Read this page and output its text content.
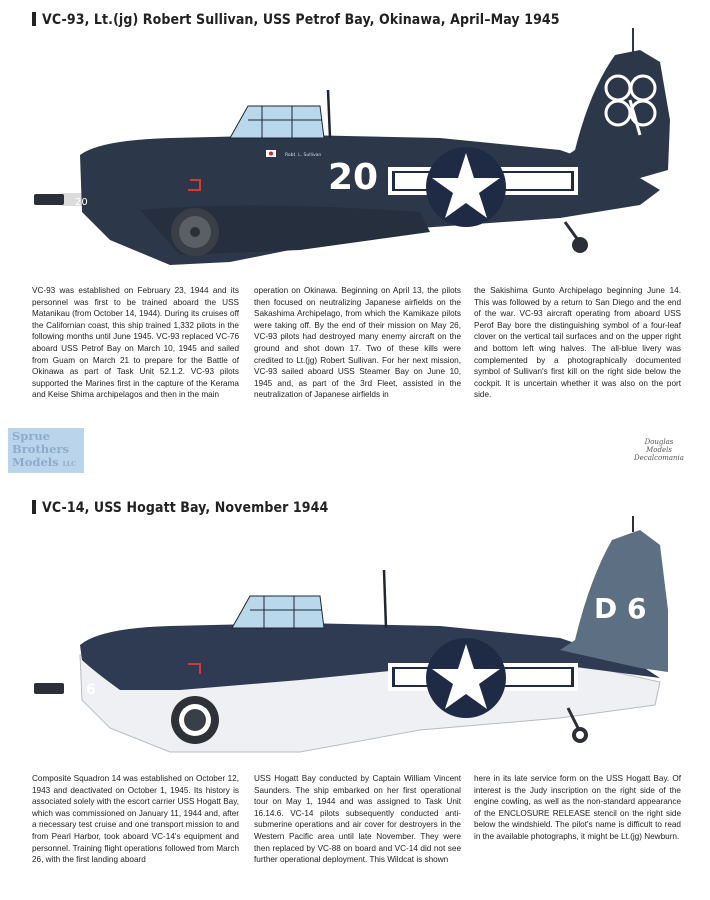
VC-93, Lt.(jg) Robert Sullivan, USS Petrof Bay, Okinawa, April–May 1945
20
20
Robt. L. Sullivan
VC-93 was established on February 23, 1944 and its personnel was first to be trained aboard the USS Matanikau (from October 14, 1944). During its cruises off the Californian coast, this ship trained 1,332 pilots in the following months until June 1945. VC-93 replaced VC-76 aboard USS Petrof Bay on March 10, 1945 and sailed from Guam on March 21 to prepare for the Battle of Okinawa as part of Task Unit 52.1.2. VC-93 pilots supported the Marines first in the capture of the Kerama and Keise Shima archipelagos and then in the main
operation on Okinawa. Beginning on April 13, the pilots then focused on neutralizing Japanese airfields on the Sakashima Archipelago, from which the Kamikaze pilots were taking off. By the end of their mission on May 26, VC-93 pilots had destroyed many enemy aircraft on the ground and shot down 17. Two of these kills were credited to Lt.(jg) Robert Sullivan. For her next mission, VC-93 sailed aboard USS Steamer Bay on June 10, 1945 and, as part of the 3rd Fleet, assisted in the neutralization of Japanese airfields in
the Sakishima Gunto Archipelago beginning June 14. This was followed by a return to San Diego and the end of the war. VC-93 aircraft operating from aboard USS Perof Bay bore the distinguishing symbol of a four-leaf clover on the vertical tail surfaces and on the upper right and bottom left wing halves. The all-blue livery was complemented by a photographically documented symbol of Sullivan's first kill on the right side below the cockpit. It is uncertain whether it was also on the port side.
Sprue
Brothers
Models LLC
Douglas
Models
Decalcomania
VC-14, USS Hogatt Bay, November 1944
D 6
6
Composite Squadron 14 was established on October 12, 1943 and deactivated on October 1, 1945. Its history is associated solely with the escort carrier USS Hogatt Bay, which was commissioned on January 11, 1944 and, after a necessary test cruise and one transport mission to and from Pearl Harbor, took aboard VC-14's equipment and personnel. Training flight operations followed from March 26, with the first landing aboard
USS Hogatt Bay conducted by Captain William Vincent Saunders. The ship embarked on her first operational tour on May 1, 1944 and was assigned to Task Unit 16.14.6. VC-14 pilots subsequently conducted anti-submerine operations and air cover for destroyers in the Western Pacific area until late November. They were then replaced by VC-88 on board and VC-14 did not see further operational deployment. This Wildcat is shown
here in its late service form on the USS Hogatt Bay. Of interest is the Judy inscription on the right side of the engine cowling, as well as the non-standard appearance of the ENCLOSURE RELEASE stencil on the right side below the windshield. The pilot's name is difficult to read in the available photographs, it might be Lt.(jg) Newburn.
